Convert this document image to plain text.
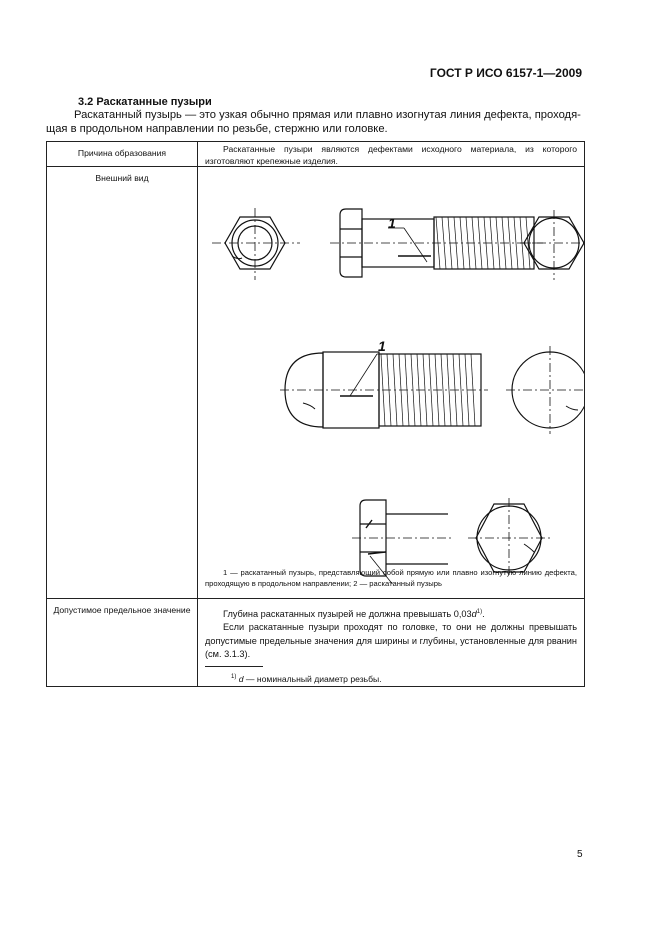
ГОСТ Р ИСО 6157-1—2009
3.2 Раскатанные пузыри
Раскатанный пузырь — это узкая обычно прямая или плавно изогнутая линия дефекта, проходя-
щая в продольном направлении по резьбе, стержню или головке.
Причина образования	Раскатанные пузыри являются дефектами исходного материала, из которого изготовляют крепежные изделия.
Внешний вид
1
1
1 — раскатанный пузырь, представляющий собой прямую или плавно изогнутую линию дефекта, проходящую в продольном направлении; 2 — раскатанный пузырь
Допустимое предельное значение	Глубина раскатанных пузырей не должна превышать $0,03d^{1)}$.
Если раскатанные пузыри проходят по головке, то они не должны превышать допустимые предельные значения для ширины и глубины, установленные для рванин (см. 3.1.3).
$^{1)}$ d — номинальный диаметр резьбы.
5
